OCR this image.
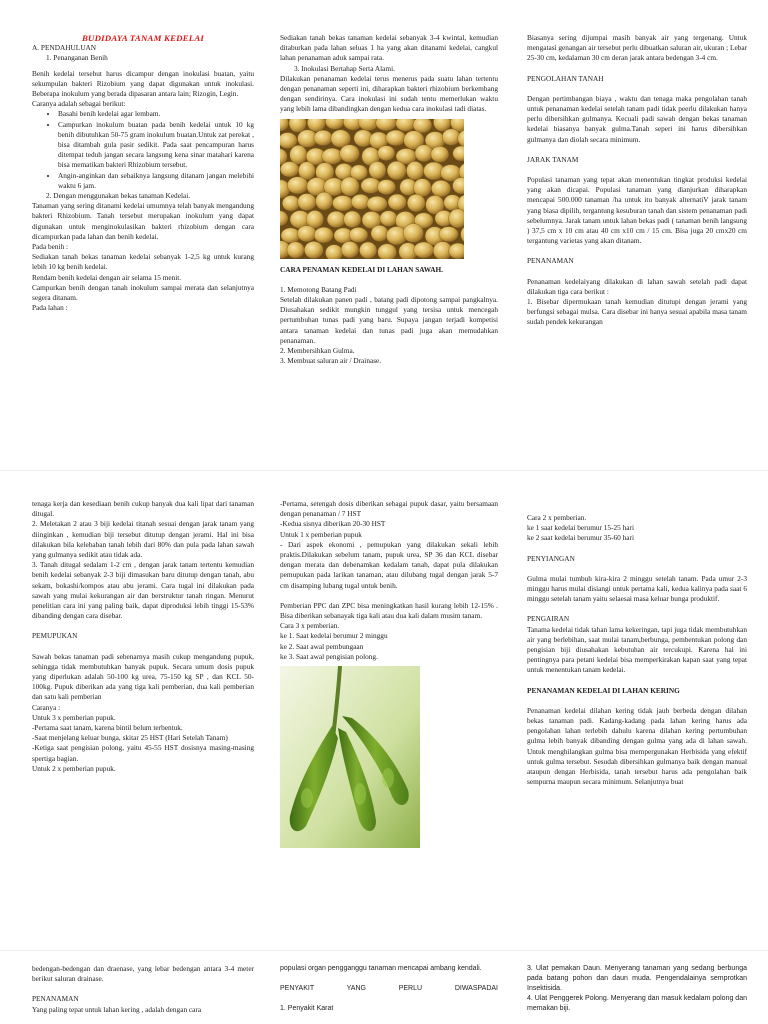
BUDIDAYA TANAM KEDELAI

A. PENDAHULUAN

1. Penanganan Benih

Benih kedelai tersebut harus dicampur dengan inokulasi buatan, yaitu sekumpulan bakteri Rizobium yang dapat digunakan untuk inokulasi. Beberapa inokulum yang berada dipasaran antara lain; Rizogin, Legin.

Caranya adalah sebagai berikut:

• Basahi benih kedelai agar lembam.
• Campurkan inokulum buatan pada benih kedelai untuk 10 kg benih dibutuhkan 50-75 gram inokulum buatan.Untuk zat perekat , bisa ditambah gula pasir sedikit. Pada saat pencampuran harus ditempat teduh jangan secara langsung kena sinar matahari karena bisa mematikan bakteri Rhizobium tersebut.
• Angin-anginkan dan sebaiknya langsung ditanam jangan melebihi waktu 6 jam.

2. Dengan menggunakan bekas tanaman Kedelai.

Tanaman yang sering ditanami kedelai umumnya telah banyak mengandung bakteri Rhizobium. Tanah tersebut merupakan inokulum yang dapat digunakan untuk menginokulasikan bakteri rhizobium dengan cara dicampurkan pada lahan dan benih kedelai.

Pada benih :

Sediakan tanah bekas tanaman kedelai sebanyak 1-2,5 kg untuk kurang lebih 10 kg benih kedelai.

Rendam benih kedelai dengan air selama 15 menit.

Campurkan benih dengan tanah inokulum sampai merata dan selanjutnya segera ditanam.

Pada lahan :

Sediakan tanah bekas tanaman kedelai sebanyak 3-4 kwintal, kemudian ditaburkan pada lahan seluas 1 ha yang akan ditanami kedelai, cangkul lahan penanaman aduk sampai rata.

3. Inokulasi Bertahap Serta Alami.

Dilakukan penanaman kedelai terus menerus pada suatu lahan tertentu dengan penanaman seperti ini, diharapkan bakteri rhizobium berkembang dengan sendirinya. Cara inokulasi ini sudah tentu memerlukan waktu yang lebih lama dibandingkan dengan kedua cara inokulasi tadi diatas.

CARA PENAMAN KEDELAI DI LAHAN SAWAH.

1. Memotong Batang Padi

Setelah dilakukan panen padi , batang padi dipotong sampai pangkalnya. Diusahakan sedikit mungkin tunggul yang tersisa untuk mencegah pertumbuhan tunas padi yang baru. Supaya jangan terjadi kompetisi antara tanaman kedelai dan tunas padi juga akan memudahkan penanaman.

2. Membersihkan Gulma.

3. Membuat saluran air / Drainase.

Biasanya sering dijumpai masih banyak air yang tergenang. Untuk mengatasi genangan air tersebut perlu dibuatkan saluran air, ukuran ; Lebar 25-30 cm, kedalaman 30 cm deran jarak antara bedengan 3-4 cm.

PENGOLAHAN TANAH

Dengan pertimbangan biaya , waktu dan tenaga maka pengolahan tanah untuk penanaman kedelai setelah tanam padi tidak peerlu dilakukan hanya perlu dibersihkan gulmanya. Kecuali padi sawah dengan bekas tanaman kedelai biasanya banyak gulma.Tanah seperi ini harus dibersihkan gulmanya dan diolah secara minimum.

JARAK TANAM

Populasi tanaman yang tepat akan menentukan tingkat produksi kedelai yang akan dicapai. Populasi tanaman yang dianjurkan diharapkan mencapai 500.000 tanaman /ha untuk itu banyak alternatiV jarak tanam yang biasa dipilih, tergantung kesuburan tanah dan sistem penanaman padi sebelumnya. Jarak tanam untuk lahan bekas padi ( tanaman benih langsung ) 37,5 cm x 10 cm atau 40 cm x10 cm / 15 cm. Bisa juga 20 cmx20 cm tergantung varietas yang akan ditanam.

PENANAMAN

Penanaman kedelaiyang dilakukan di lahan sawah setelah padi dapat dilakukan tiga cara berikut :

1. Bisebar dipermukaan tanah kemudian ditutupi dengan jerami yang berfungsi sebagai mulsa. Cara disebar ini hanya sesuai apabila masa tanam sudah pendek kekurangan

tenaga kerja dan kesediaan benih cukup banyak dua kali lipat dari tanaman ditugal.

2. Meletakan 2 atau 3 biji kedelai titanah sesuai dengan jarak tanam yang diinginkan , kemudian biji tersebut ditutup dengan jerami. Hal ini bisa dilakukan bila kelebaban tanah lebih dari 80% dan pula pada lahan sawah yang gulmanya sedikit atau tidak ada.

3. Tanah ditugal sedalam 1-2 cm , dengan jarak tanam tertentu kemudian benih kedelai sebanyak 2-3 biji dimasukan baru ditutup dengan tanah, abu sekam, bokashi/kompos atau abu jerami. Cara tugal ini dilakukan pada sawah yang mulai kekurangan air dan berstruktur tanah ringan. Menurut penelitian cara ini yang paling baik, dapat diproduksi lebih tinggi 15-53% dibanding dengan cara disebar.

PEMUPUKAN

Sawah bekas tanaman padi sebenarnya masih cukup mengandung pupuk, sehingga tidak membutuhkan banyak pupuk. Secara umum dosis pupuk yang diperlukan adalah 50-100 kg urea, 75-150 kg SP , dan KCL 50- 100kg. Pupuk diberikan ada yang tiga kali pemberian, dua kali pemberian dan satu kali pemberian

Caranya :

Untuk 3 x pemberian pupuk.

-Pertama saat tanam, karena bintil belum terbentuk.

-Saat menjelang keluar bunga, skitar 25 HST (Hari Setelah Tanam)

-Ketiga saat pengisian polong, yaitu 45-55 HST dosisnya masing-masing spertiga bagian.

Untuk 2 x pemberian pupuk.

-Pertama, setengah dosis diberikan sebagai pupuk dasar, yaitu bersamaan dengan penanaman / 7 HST

-Kedua sisnya diberikan 20-30 HST

Untuk 1 x pemberian pupuk

- Dari aspek ekonomi , pemupukan yang dilakukan sekali lebih praktis.Dilakukan sebelum tanam, pupuk urea, SP 36 dan KCL disebar dengan merata dan debenamkan kedalam tanah, dapat pula dilakukan pemupukan pada larikan tanaman, atau dilubang tugal dengan jarak 5-7 cm disamping lubang tugal untuk benih.

Pemberian PPC dan ZPC bisa meningkatkan hasil kurang lebih 12-15% . Bisa diberikan sebanayak tiga kali atau dua kali dalam musim tanam.

Cara 3 x pemberian.

ke 1. Saat kedelai berumur 2 minggu

ke 2. Saat awal pembungaan

ke 3. Saat awal pengisian polong.

Cara 2 x pemberian.

ke 1 saat kedelai berumur 15-25 hari

ke 2 saat kedelai berumur 35-60 hari

PENYIANGAN

Gulma mulai tumbuh kira-kira 2 minggu setelah tanam. Pada umur 2-3 minggu harus mulai disiangi untuk pertama kali, kedua kalinya pada saat 6 minggu setelah tanam yaitu selaesai masa keluar bunga produktif.

PENGAIRAN

Tanama kedelai tidak tahan lama kekeringan, tapi juga tidak membutuhkan air yang berlebihan, saat mulai tanam,berbunga, pembentukan polong dan pengisian biji diusahakan kebutuhan air tercukupi. Karena hal ini pentingnya para petani kedelai bisa memperkirakan kapan saat yang tepat untuk menentukan tanam kedelai.

PENANAMAN KEDELAI DI LAHAN KERING

Penanaman kedelai dilahan kering tidak jauh berbeda dengan dilahan bekas tanaman padi. Kadang-kadang pada lahan kering harus ada pengolahan lahan terlebih dahulu karena dilahan kering pertumbuhan gulma lebih banyak dibanding dengan gulma yang ada di lahan sawah. Untuk menghilangkan gulma bisa mempergunakan Herbisida yang efektif untuk gulma tersebut. Sesudah dibersihkan gulmanya baik dengan manual ataupun dengan Herbisida, tanah tersebut harus ada pengolahan baik sempurna maupun secara minimum. Selanjutnya buat

bedengan-bedengan dan draenase, yang lebar bedengan antara 3-4 meter berikut saluran drainase.

PENANAMAN

Yang paling tepat untuk lahan kering , adalah dengan cara

populasi organ pengganggu tanaman mencapai ambang kendali.

PENYAKIT YANG PERLU DIWASPADAI

1. Penyakit Karat

3. Ulat pemakan Daun. Menyerang tanaman yang sedang berbunga pada batang pohon dan daun muda. Pengendalainya semprotkan Insektisida.

4. Ulat Penggerek Polong. Menyerang dan masuk kedalam polong dan memakan biji.
